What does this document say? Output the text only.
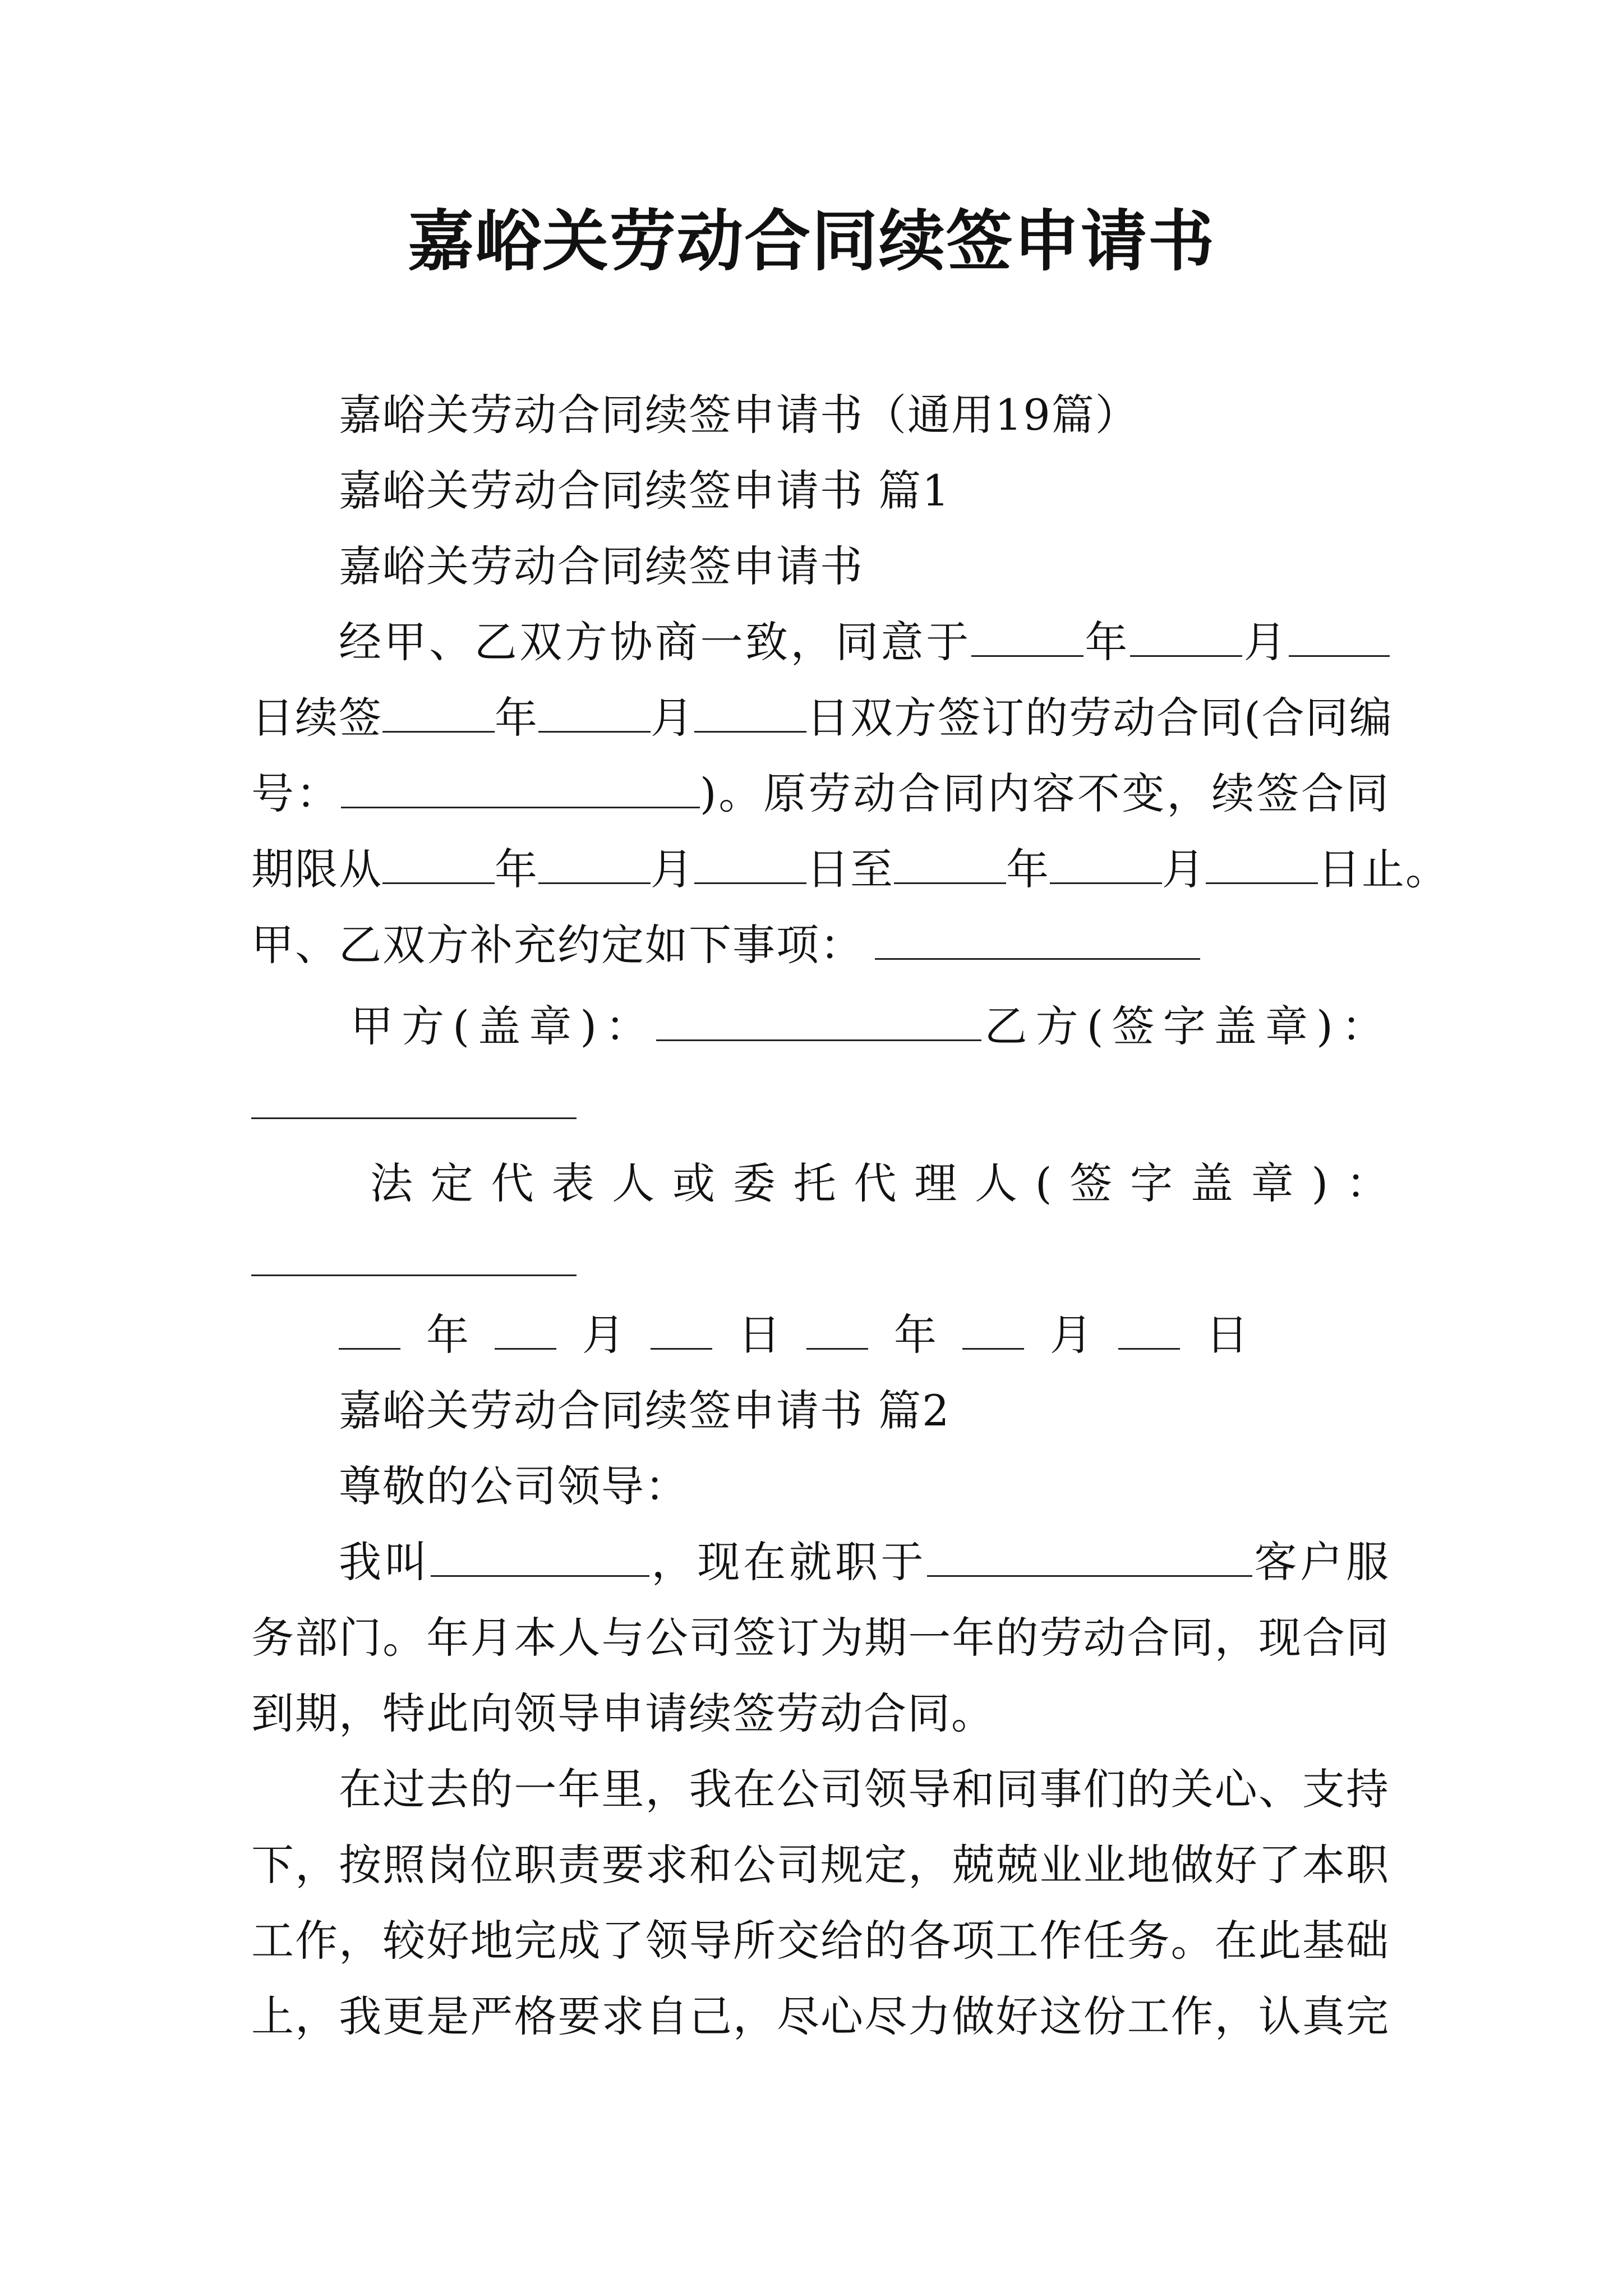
嘉峪关劳动合同续签申请书
嘉峪关劳动合同续签申请书（通用19篇）
嘉峪关劳动合同续签申请书 篇1
嘉峪关劳动合同续签申请书
经甲、乙双方协商一致，同意于	年	月
日续签	年	月	日双方签订的劳动合同(合同编
号：	)。原劳动合同内容不变，续签合同
期限从	年	月	日至	年	月	日止。
甲、乙双方补充约定如下事项：
甲方(盖章)：	乙方(签字盖章)：
法定代表人或委托代理人(签字盖章)：
年	月	日	年	月	日
嘉峪关劳动合同续签申请书 篇2
尊敬的公司领导：
我叫	，现在就职于	客户服
务部门。年月本人与公司签订为期一年的劳动合同，现合同
到期，特此向领导申请续签劳动合同。
在过去的一年里，我在公司领导和同事们的关心、支持
下，按照岗位职责要求和公司规定，兢兢业业地做好了本职
工作，较好地完成了领导所交给的各项工作任务。在此基础
上，我更是严格要求自己，尽心尽力做好这份工作，认真完
